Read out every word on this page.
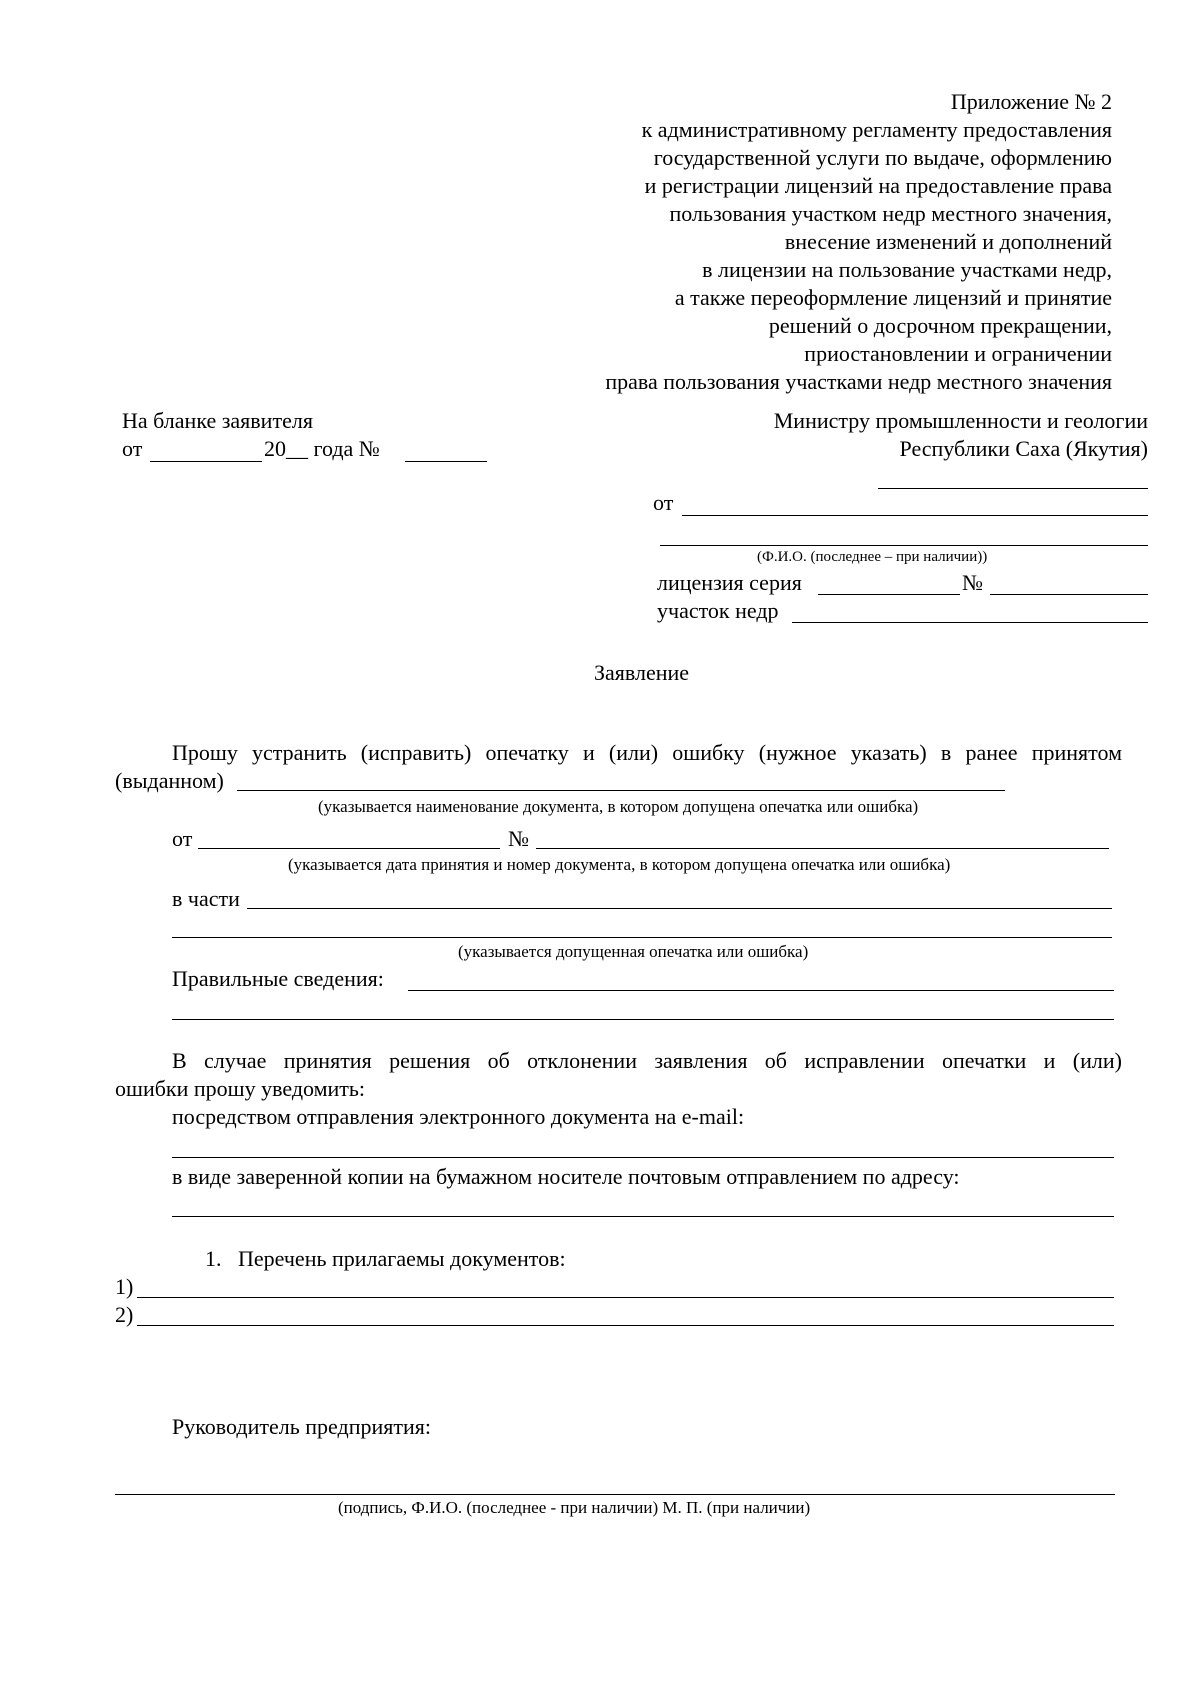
Приложение № 2
к административному регламенту предоставления
государственной услуги по выдаче, оформлению
и регистрации лицензий на предоставление права
пользования участком недр местного значения,
внесение изменений и дополнений
в лицензии на пользование участками недр,
а также переоформление лицензий и принятие
решений о досрочном прекращении,
приостановлении и ограничении
права пользования участками недр местного значения
На бланке заявителя
от	20__ года №
Министру промышленности и геологии
Республики Саха (Якутия)
от
(Ф.И.О. (последнее – при наличии))
лицензия серия	№
участок недр
Заявление
Прошу устранить (исправить) опечатку и (или) ошибку (нужное указать) в ранее принятом
(выданном)
(указывается наименование документа, в котором допущена опечатка или ошибка)
от	№
(указывается дата принятия и номер документа, в котором допущена опечатка или ошибка)
в части
(указывается допущенная опечатка или ошибка)
Правильные сведения:
В случае принятия решения об отклонении заявления об исправлении опечатки и (или)
ошибки прошу уведомить:
посредством отправления электронного документа на e-mail:
в виде заверенной копии на бумажном носителе почтовым отправлением по адресу:
1.   Перечень прилагаемы документов:
1)
2)
Руководитель предприятия:
(подпись, Ф.И.О. (последнее - при наличии) М. П. (при наличии)
